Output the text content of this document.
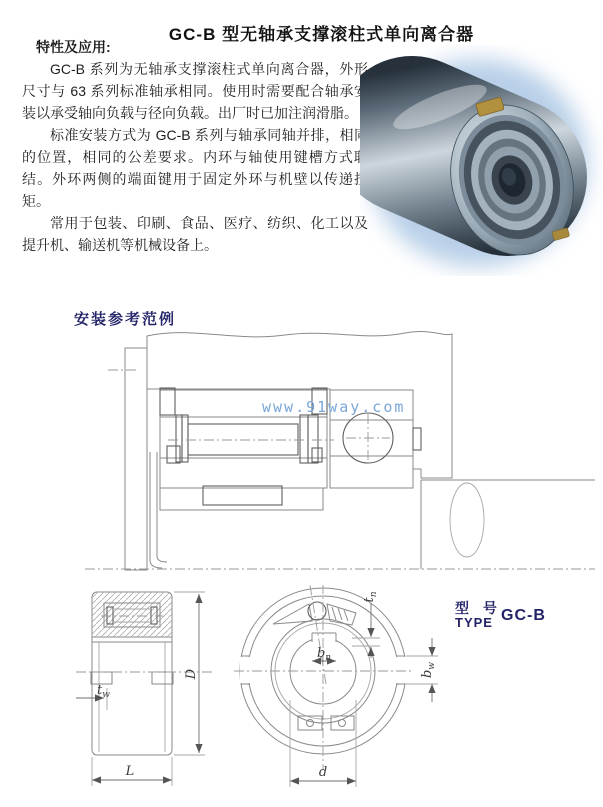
GC-B 型无轴承支撑滚柱式单向离合器
特性及应用:

GC-B 系列为无轴承支撑滚柱式单向离合器，外形尺寸与 63 系列标准轴承相同。使用时需要配合轴承安 装以承受轴向负载与径向负载。出厂时已加注润滑脂。

标准安装方式为 GC-B 系列与轴承同轴并排，相同的位置，相同的公差要求。内环与轴使用键槽方式联 结。外环两侧的端面键用于固定外环与机壁以传递扭矩。

常用于包装、印刷、食品、医疗、纺织、化工以及提升机、输送机等机械设备上。

安装参考范例
www.91way.com
$t_w$
D
L
$b_n$
d
$b_w$
$t_n$
型 号
TYPE GC-B
